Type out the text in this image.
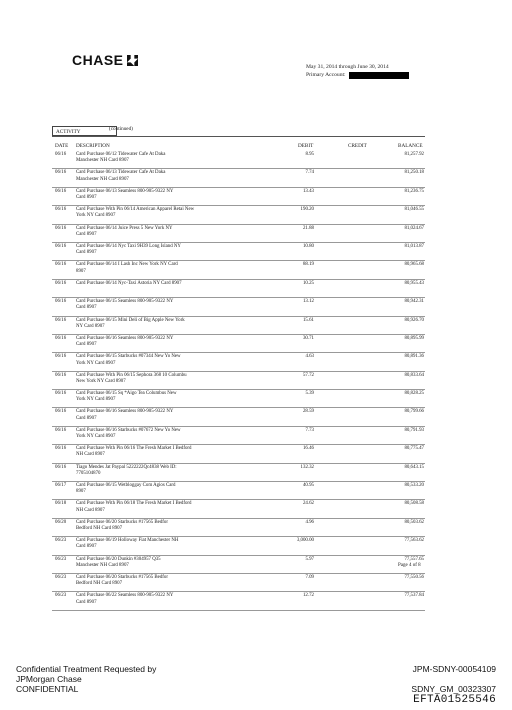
CHASE	May 31, 2014 through June 30, 2014
Primary Account:
ACTIVITY	(continued)
DATE DESCRIPTION	DEBIT	CREDIT	BALANCE
06/16 Card Purchase 06/12 Tidewater Cafe At Daka
Manchester NH Card 8907
8.95	81,257.92
06/16 Card Purchase 06/13 Tidewater Cafe At Daka
Manchester NH Card 8907
7.74	81,250.18
06/16 Card Purchase 06/13 Seamless 800-905-9322 NY
Card 8907
13.43	81,236.75
06/16 Card Purchase With Pin 06/14 American Apparel Retai New
York NY Card 8907
190.20	81,046.55
06/16 Card Purchase 06/14 Juice Press 5 New York NY
Card 8907
21.88	81,024.67
06/16 Card Purchase 06/14 Nyc Taxi 9H39 Long Island NY
Card 8907
10.80	81,013.87
06/16 Card Purchase 06/14 I Lash Inc New York NY Card
8907
88.19	80,965.68
06/16 Card Purchase 06/14 Nyc-Taxi Astoria NY Card 8907	10.25	80,955.43
06/16 Card Purchase 06/15 Seamless 800-905-9322 NY
Card 8907
13.12	80,942.31
06/16 Card Purchase 06/15 Mini Deli of Big Apple New York
NY Card 8907
15.61	80,926.70
06/16 Card Purchase 06/16 Seamless 800-905-9322 NY
Card 8907
30.71	80,895.99
06/16 Card Purchase 06/15 Starbucks #07344 New Yo New
York NY Card 8907
4.63	80,891.36
06/16 Card Purchase With Pin 06/15 Sephora 368 10 Columbu
New York NY Card 8907
57.72	80,833.64
06/16 Card Purchase 06/15 Sq *Aigo Tea Columbus New
York NY Card 8907
5.39	80,828.25
06/16 Card Purchase 06/16 Seamless 800-905-9322 NY
Card 8907
28.59	80,799.66
06/16 Card Purchase 06/16 Starbucks #07672 New Yo New
York NY Card 8907
7.73	80,791.93
06/16 Card Purchase With Pin 06/16 The Fresh Market I Bedford
NH Card 8907
16.46	80,775.47
06/16 Tiago Mendes Jat Paypal 5222222Qc4838 Web ID:
7705104870
132.32	80,643.15
06/17 Card Purchase 06/15 Wetbloggay Com Agios Card
8907
40.95	80,533.20
06/18 Card Purchase With Pin 06/18 The Fresh Market I Bedford
NH Card 8907
24.62	80,508.58
06/20 Card Purchase 06/20 Starbucks #17565 Bedfor
Bedford NH Card 8907
4.96	80,503.62
06/23 Card Purchase 06/19 Holloway Fiat Manchester NH
Card 8907
3,000.00	77,563.62
06/23 Card Purchase 06/20 Dunkin #304957 Q35
Manchester NH Card 8907
5.97	77,557.65
06/23 Card Purchase 06/20 Starbucks #17565 Bedfor
Bedford NH Card 8907
7.09	77,550.56
06/23 Card Purchase 06/22 Seamless 800-905-9322 NY
Card 8907
12.72	77,537.84
Page 4 of 8
Confidential Treatment Requested by
JPMorgan Chase
CONFIDENTIAL
JPM-SDNY-00054109
SDNY_GM_00323307
EFTA01525546
